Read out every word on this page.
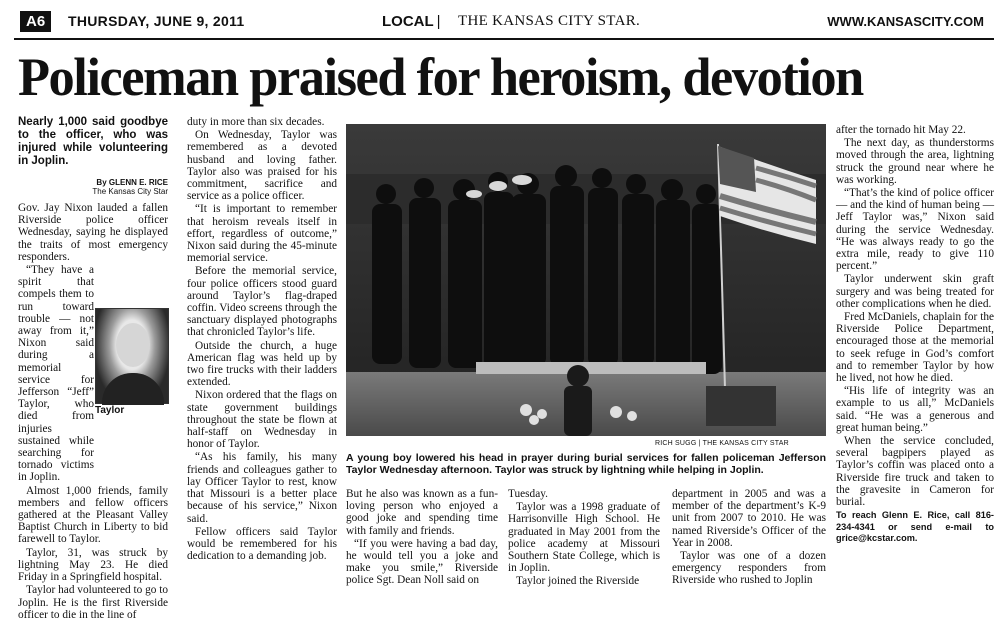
A6	THURSDAY, JUNE 9, 2011	LOCAL | THE KANSAS CITY STAR.	WWW.KANSASCITY.COM
Policeman praised for heroism, devotion
Nearly 1,000 said goodbye to the officer, who was injured while volunteering in Joplin.
By GLENN E. RICE
The Kansas City Star

Gov. Jay Nixon lauded a fallen Riverside police officer Wednesday, saying he displayed the traits of most emergency responders.

“They have a spirit that compels them to run toward trouble — not away from it,” Nixon said during a memorial service for Jefferson “Jeff” Taylor, who died from injuries sustained while searching for tornado victims in Joplin.

Almost 1,000 friends, family members and fellow officers gathered at the Pleasant Valley Baptist Church in Liberty to bid farewell to Taylor.

Taylor, 31, was struck by lightning May 23. He died Friday in a Springfield hospital.

Taylor had volunteered to go to Joplin. He is the first Riverside officer to die in the line of

Taylor

duty in more than six decades.

On Wednesday, Taylor was remembered as a devoted husband and loving father. Taylor also was praised for his commitment, sacrifice and service as a police officer.

“It is important to remember that heroism reveals itself in effort, regardless of outcome,” Nixon said during the 45-minute memorial service.

Before the memorial service, four police officers stood guard around Taylor’s flag-draped coffin. Video screens through the sanctuary displayed photographs that chronicled Taylor’s life.

Outside the church, a huge American flag was held up by two fire trucks with their ladders extended.

Nixon ordered that the flags on state government buildings throughout the state be flown at half-staff on Wednesday in honor of Taylor.

“As his family, his many friends and colleagues gather to lay Officer Taylor to rest, know that Missouri is a better place because of his service,” Nixon said.

Fellow officers said Taylor would be remembered for his dedication to a demanding job.

RICH SUGG | THE KANSAS CITY STAR
A young boy lowered his head in prayer during burial services for fallen policeman Jefferson Taylor Wednesday afternoon. Taylor was struck by lightning while helping in Joplin.

But he also was known as a fun-loving person who enjoyed a good joke and spending time with family and friends.

“If you were having a bad day, he would tell you a joke and make you smile,” Riverside police Sgt. Dean Noll said on

Tuesday.

Taylor was a 1998 graduate of Harrisonville High School. He graduated in May 2001 from the police academy at Missouri Southern State College, which is in Joplin.

Taylor joined the Riverside

department in 2005 and was a member of the department’s K-9 unit from 2007 to 2010. He was named Riverside’s Officer of the Year in 2008.

Taylor was one of a dozen emergency responders from Riverside who rushed to Joplin

after the tornado hit May 22.

The next day, as thunderstorms moved through the area, lightning struck the ground near where he was working.

“That’s the kind of police officer — and the kind of human being — Jeff Taylor was,” Nixon said during the service Wednesday. “He was always ready to go the extra mile, ready to give 110 percent.”

Taylor underwent skin graft surgery and was being treated for other complications when he died.

Fred McDaniels, chaplain for the Riverside Police Department, encouraged those at the memorial to seek refuge in God’s comfort and to remember Taylor by how he lived, not how he died.

“His life of integrity was an example to us all,” McDaniels said. “He was a generous and great human being.”

When the service concluded, several bagpipers played as Taylor’s coffin was placed onto a Riverside fire truck and taken to the gravesite in Cameron for burial.

To reach Glenn E. Rice, call 816-234-4341 or send e-mail to grice@kcstar.com.
